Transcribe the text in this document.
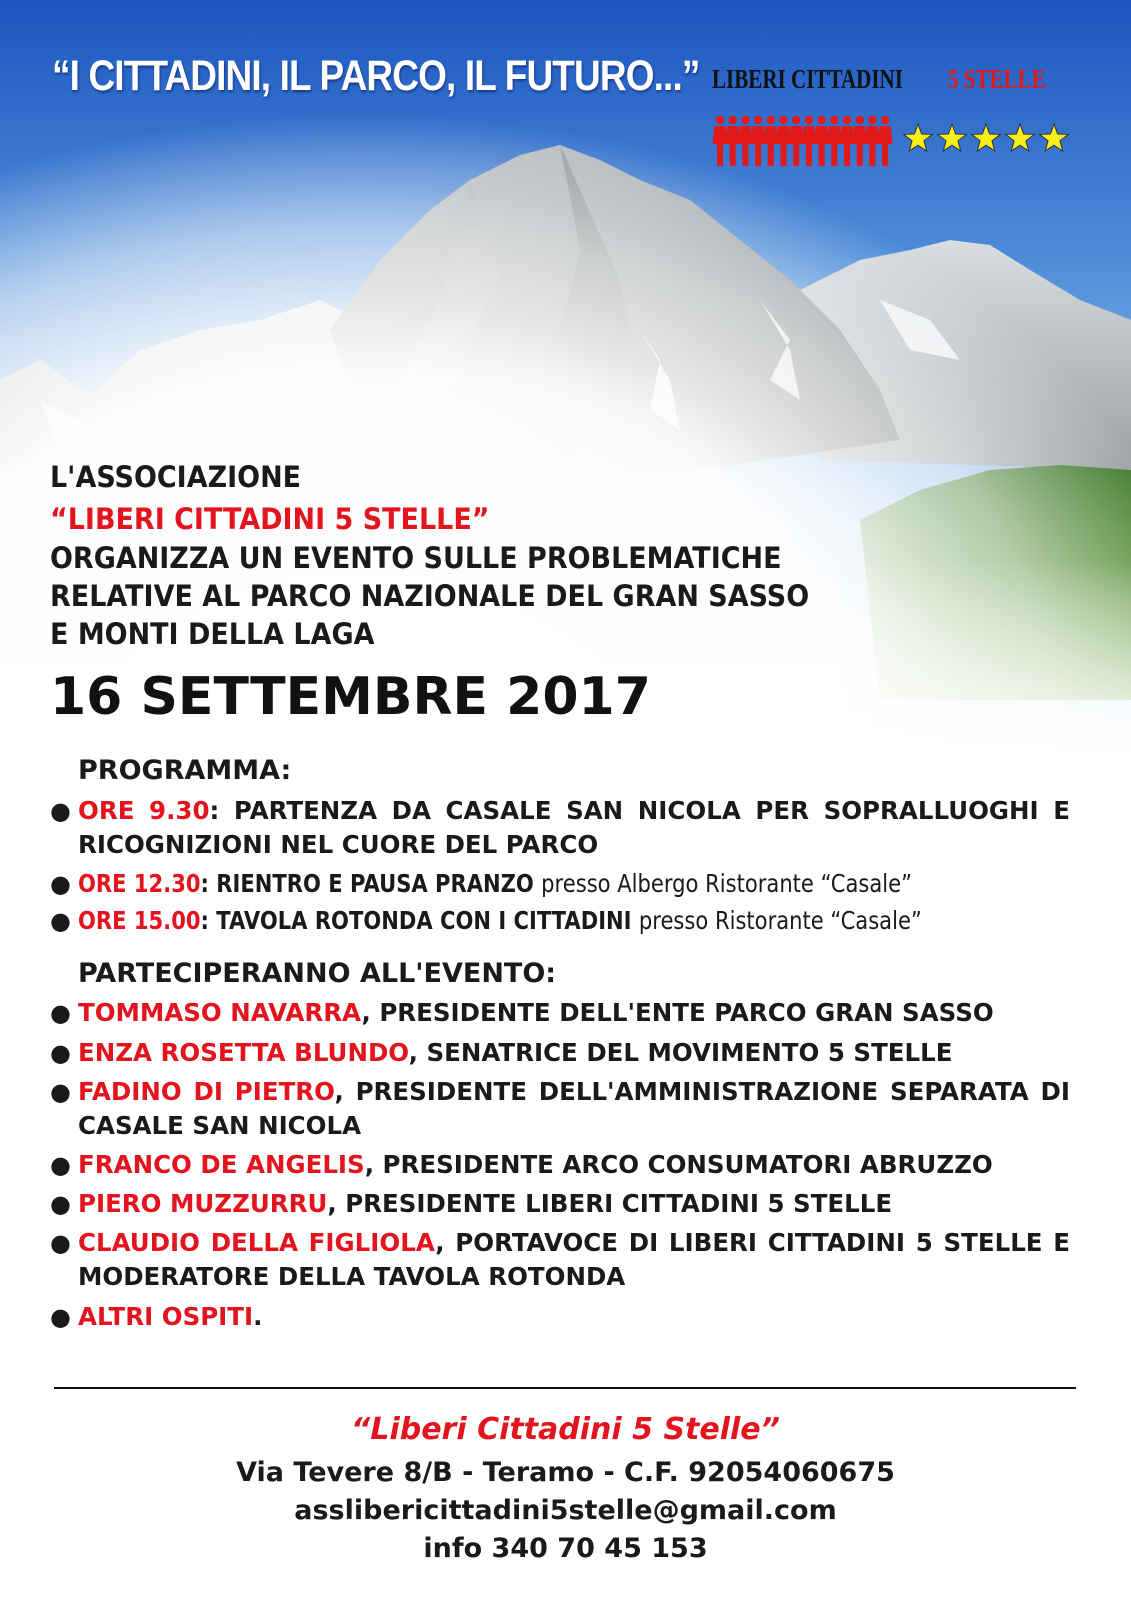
“I CITTADINI, IL PARCO, IL FUTURO...” LIBERI CITTADINI 5 STELLE

L'ASSOCIAZIONE

“LIBERI CITTADINI 5 STELLE”

ORGANIZZA UN EVENTO SULLE PROBLEMATICHE

RELATIVE AL PARCO NAZIONALE DEL GRAN SASSO

E MONTI DELLA LAGA

16 SETTEMBRE 2017
PROGRAMMA:
● ORE 9.30: PARTENZA DA CASALE SAN NICOLA PER SOPRALLUOGHI E RICOGNIZIONI NEL CUORE DEL PARCO
● ORE 12.30: RIENTRO E PAUSA PRANZO presso Albergo Ristorante “Casale”
● ORE 15.00: TAVOLA ROTONDA CON I CITTADINI presso Ristorante “Casale”
PARTECIPERANNO ALL'EVENTO:
● TOMMASO NAVARRA, PRESIDENTE DELL'ENTE PARCO GRAN SASSO
● ENZA ROSETTA BLUNDO, SENATRICE DEL MOVIMENTO 5 STELLE
● FADINO DI PIETRO, PRESIDENTE DELL'AMMINISTRAZIONE SEPARATA DI CASALE SAN NICOLA
● FRANCO DE ANGELIS, PRESIDENTE ARCO CONSUMATORI ABRUZZO
● PIERO MUZZURRU, PRESIDENTE LIBERI CITTADINI 5 STELLE
● CLAUDIO DELLA FIGLIOLA, PORTAVOCE DI LIBERI CITTADINI 5 STELLE E MODERATORE DELLA TAVOLA ROTONDA
● ALTRI OSPITI.

“Liberi Cittadini 5 Stelle”

Via Tevere 8/B - Teramo - C.F. 92054060675

asslibericittadini5stelle@gmail.com

info 340 70 45 153
